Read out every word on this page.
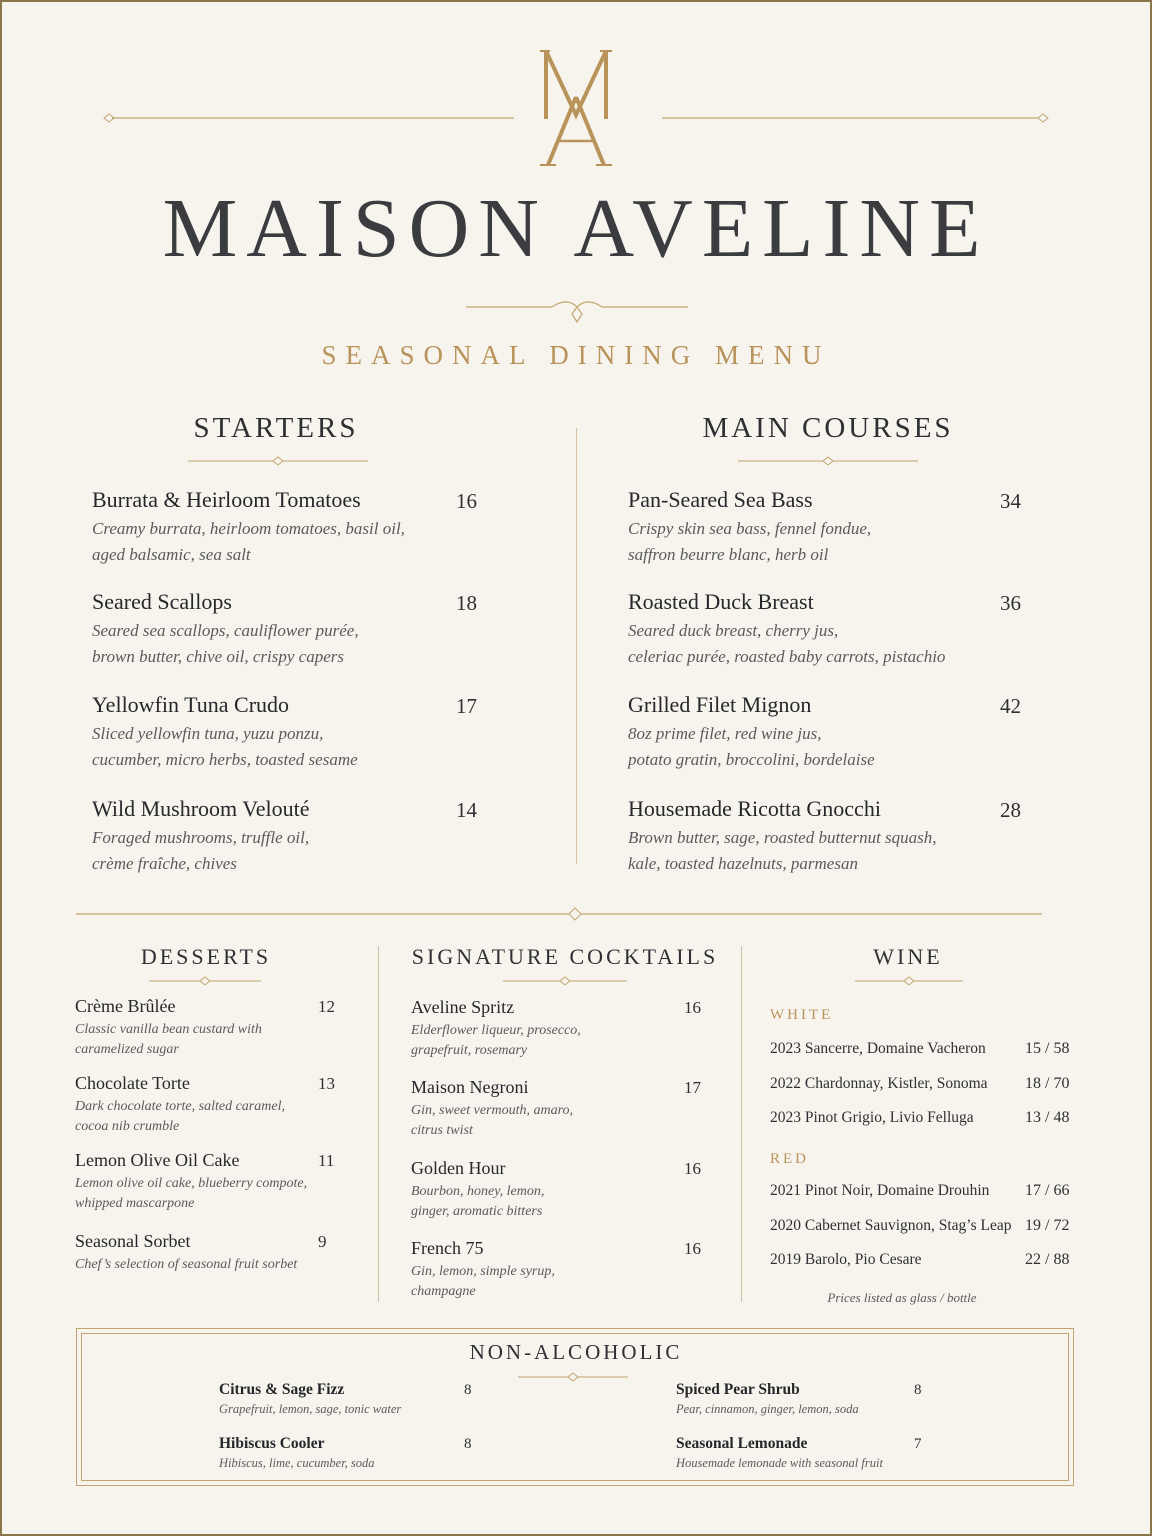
MAISON AVELINE
SEASONAL DINING MENU
STARTERS
Burrata & Heirloom Tomatoes	16
Creamy burrata, heirloom tomatoes, basil oil,
aged balsamic, sea salt
Seared Scallops	18
Seared sea scallops, cauliflower purée,
brown butter, chive oil, crispy capers
Yellowfin Tuna Crudo	17
Sliced yellowfin tuna, yuzu ponzu,
cucumber, micro herbs, toasted sesame
Wild Mushroom Velouté	14
Foraged mushrooms, truffle oil,
crème fraîche, chives
MAIN COURSES
Pan-Seared Sea Bass	34
Crispy skin sea bass, fennel fondue,
saffron beurre blanc, herb oil
Roasted Duck Breast	36
Seared duck breast, cherry jus,
celeriac purée, roasted baby carrots, pistachio
Grilled Filet Mignon	42
8oz prime filet, red wine jus,
potato gratin, broccolini, bordelaise
Housemade Ricotta Gnocchi	28
Brown butter, sage, roasted butternut squash,
kale, toasted hazelnuts, parmesan
DESSERTS
Crème Brûlée	12
Classic vanilla bean custard with
caramelized sugar
Chocolate Torte	13
Dark chocolate torte, salted caramel,
cocoa nib crumble
Lemon Olive Oil Cake	11
Lemon olive oil cake, blueberry compote,
whipped mascarpone
Seasonal Sorbet	9
Chef’s selection of seasonal fruit sorbet
SIGNATURE COCKTAILS
Aveline Spritz	16
Elderflower liqueur, prosecco,
grapefruit, rosemary
Maison Negroni	17
Gin, sweet vermouth, amaro,
citrus twist
Golden Hour	16
Bourbon, honey, lemon,
ginger, aromatic bitters
French 75	16
Gin, lemon, simple syrup,
champagne
WINE
WHITE
RED
2023 Sancerre, Domaine Vacheron 15 / 58
2022 Chardonnay, Kistler, Sonoma 18 / 70
2023 Pinot Grigio, Livio Felluga	13 / 48
2021 Pinot Noir, Domaine Drouhin 17 / 66
2020 Cabernet Sauvignon, Stag’s Leap 19 / 72
2019 Barolo, Pio Cesare	22 / 88
Prices listed as glass / bottle
NON-ALCOHOLIC
Citrus & Sage Fizz	8
Grapefruit, lemon, sage, tonic water
Spiced Pear Shrub	8
Pear, cinnamon, ginger, lemon, soda
Hibiscus Cooler	8
Hibiscus, lime, cucumber, soda
Seasonal Lemonade	7
Housemade lemonade with seasonal fruit
